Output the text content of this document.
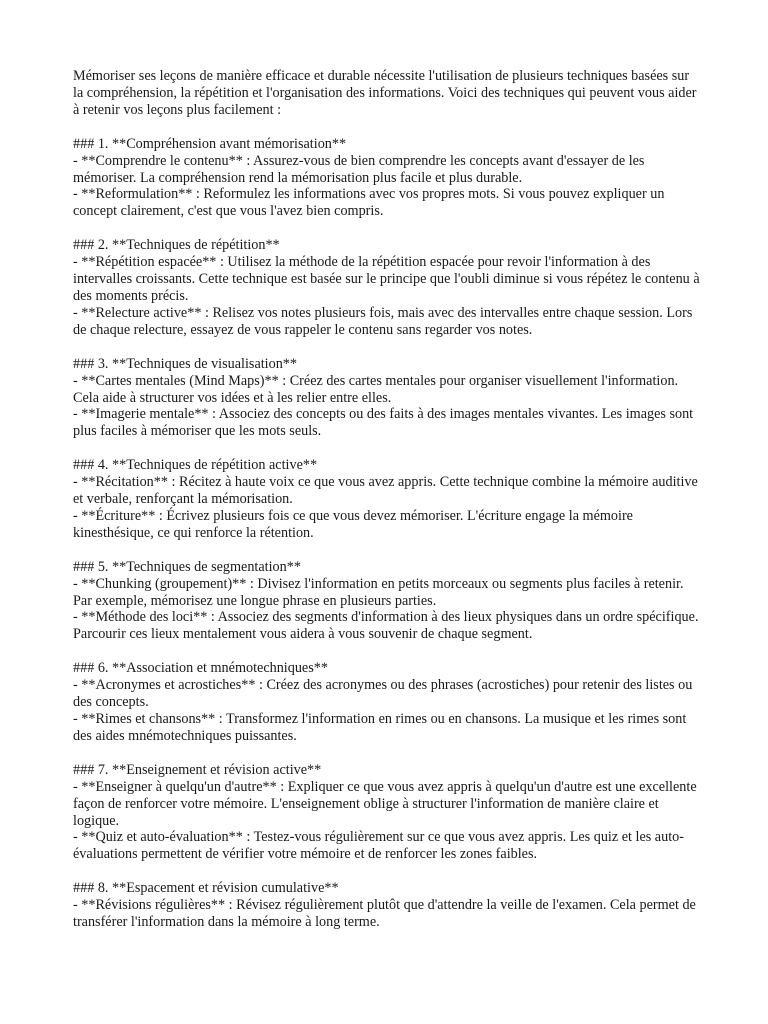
Mémoriser ses leçons de manière efficace et durable nécessite l'utilisation de plusieurs techniques basées sur la compréhension, la répétition et l'organisation des informations. Voici des techniques qui peuvent vous aider à retenir vos leçons plus facilement :

### 1. **Compréhension avant mémorisation**

- **Comprendre le contenu** : Assurez-vous de bien comprendre les concepts avant d'essayer de les mémoriser. La compréhension rend la mémorisation plus facile et plus durable.

- **Reformulation** : Reformulez les informations avec vos propres mots. Si vous pouvez expliquer un concept clairement, c'est que vous l'avez bien compris.

### 2. **Techniques de répétition**

- **Répétition espacée** : Utilisez la méthode de la répétition espacée pour revoir l'information à des intervalles croissants. Cette technique est basée sur le principe que l'oubli diminue si vous répétez le contenu à des moments précis.

- **Relecture active** : Relisez vos notes plusieurs fois, mais avec des intervalles entre chaque session. Lors de chaque relecture, essayez de vous rappeler le contenu sans regarder vos notes.

### 3. **Techniques de visualisation**

- **Cartes mentales (Mind Maps)** : Créez des cartes mentales pour organiser visuellement l'information. Cela aide à structurer vos idées et à les relier entre elles.

- **Imagerie mentale** : Associez des concepts ou des faits à des images mentales vivantes. Les images sont plus faciles à mémoriser que les mots seuls.

### 4. **Techniques de répétition active**

- **Récitation** : Récitez à haute voix ce que vous avez appris. Cette technique combine la mémoire auditive et verbale, renforçant la mémorisation.

- **Écriture** : Écrivez plusieurs fois ce que vous devez mémoriser. L'écriture engage la mémoire kinesthésique, ce qui renforce la rétention.

### 5. **Techniques de segmentation**

- **Chunking (groupement)** : Divisez l'information en petits morceaux ou segments plus faciles à retenir. Par exemple, mémorisez une longue phrase en plusieurs parties.

- **Méthode des loci** : Associez des segments d'information à des lieux physiques dans un ordre spécifique. Parcourir ces lieux mentalement vous aidera à vous souvenir de chaque segment.

### 6. **Association et mnémotechniques**

- **Acronymes et acrostiches** : Créez des acronymes ou des phrases (acrostiches) pour retenir des listes ou des concepts.

- **Rimes et chansons** : Transformez l'information en rimes ou en chansons. La musique et les rimes sont des aides mnémotechniques puissantes.

### 7. **Enseignement et révision active**

- **Enseigner à quelqu'un d'autre** : Expliquer ce que vous avez appris à quelqu'un d'autre est une excellente façon de renforcer votre mémoire. L'enseignement oblige à structurer l'information de manière claire et logique.

- **Quiz et auto-évaluation** : Testez-vous régulièrement sur ce que vous avez appris. Les quiz et les auto-évaluations permettent de vérifier votre mémoire et de renforcer les zones faibles.

### 8. **Espacement et révision cumulative**

- **Révisions régulières** : Révisez régulièrement plutôt que d'attendre la veille de l'examen. Cela permet de transférer l'information dans la mémoire à long terme.
